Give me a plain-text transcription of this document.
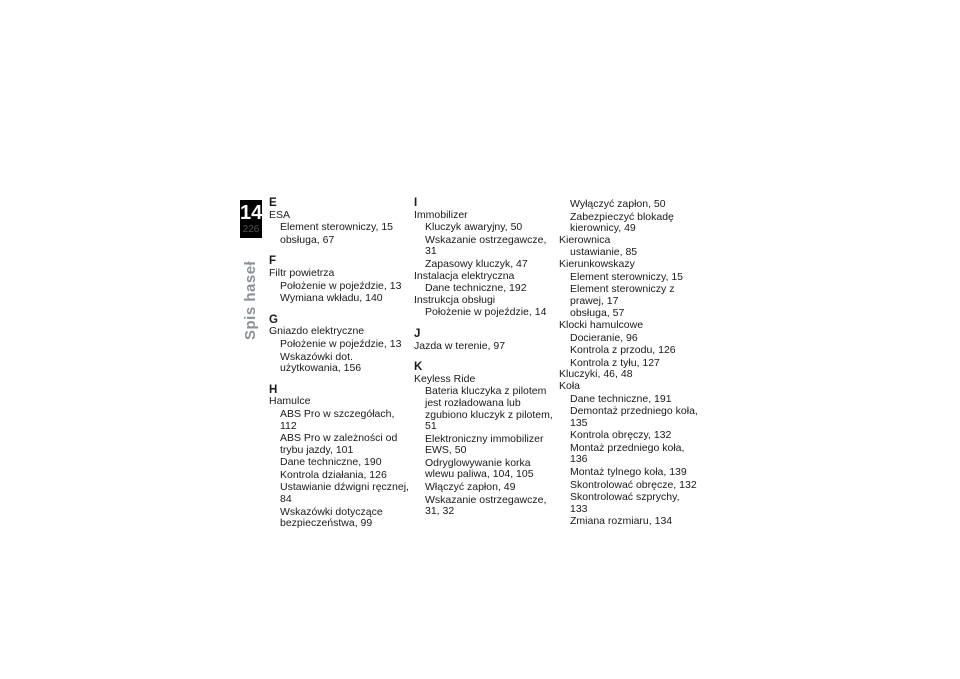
14
226
Spis haseł
E
ESA
Element sterowniczy, 15
obsługa, 67
F
Filtr powietrza
Położenie w pojeździe, 13
Wymiana wkładu, 140
G
Gniazdo elektryczne
Położenie w pojeździe, 13
Wskazówki dot. użytkowania, 156
H
Hamulce
ABS Pro w szczegółach, 112
ABS Pro w zależności od trybu jazdy, 101
Dane techniczne, 190
Kontrola działania, 126
Ustawianie dźwigni ręcznej, 84
Wskazówki dotyczące bezpieczeństwa, 99
I
Immobilizer
Kluczyk awaryjny, 50
Wskazanie ostrzegawcze, 31
Zapasowy kluczyk, 47
Instalacja elektryczna
Dane techniczne, 192
Instrukcja obsługi
Położenie w pojeździe, 14
J
Jazda w terenie, 97
K
Keyless Ride
Bateria kluczyka z pilotem jest rozładowana lub zgubiono kluczyk z pilotem, 51
Elektroniczny immobilizer EWS, 50
Odryglowywanie korka wlewu paliwa, 104, 105
Włączyć zapłon, 49
Wskazanie ostrzegawcze, 31, 32
Wyłączyć zapłon, 50
Zabezpieczyć blokadę kierownicy, 49
Kierownica
ustawianie, 85
Kierunkowskazy
Element sterowniczy, 15
Element sterowniczy z prawej, 17
obsługa, 57
Klocki hamulcowe
Docieranie, 96
Kontrola z przodu, 126
Kontrola z tyłu, 127
Kluczyki, 46, 48
Koła
Dane techniczne, 191
Demontaż przedniego koła, 135
Kontrola obręczy, 132
Montaż przedniego koła, 136
Montaż tylnego koła, 139
Skontrolować obręcze, 132
Skontrolować szprychy, 133
Zmiana rozmiaru, 134
